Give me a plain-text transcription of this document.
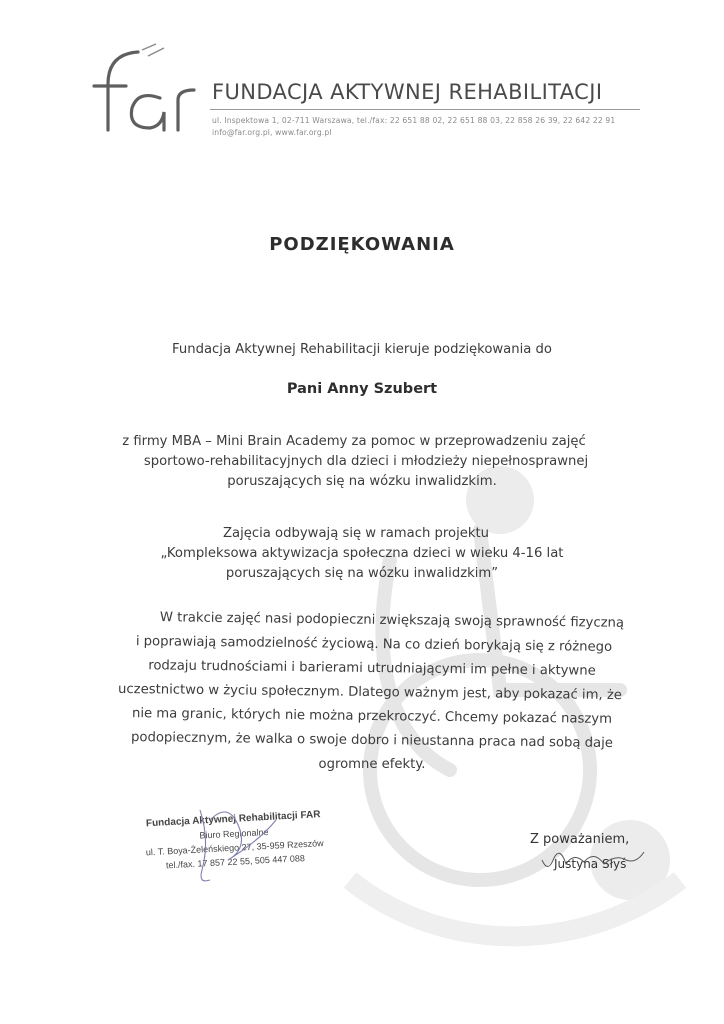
FUNDACJA AKTYWNEJ REHABILITACJI
ul. Inspektowa 1, 02-711 Warszawa, tel./fax: 22 651 88 02, 22 651 88 03, 22 858 26 39, 22 642 22 91
info@far.org.pl, www.far.org.pl
PODZIĘKOWANIA
Fundacja Aktywnej Rehabilitacji kieruje podziękowania do
Pani Anny Szubert
z firmy MBA – Mini Brain Academy za pomoc w przeprowadzeniu zajęć
sportowo-rehabilitacyjnych dla dzieci i młodzieży niepełnosprawnej
poruszających się na wózku inwalidzkim.
Zajęcia odbywają się w ramach projektu
„Kompleksowa aktywizacja społeczna dzieci w wieku 4-16 lat
poruszających się na wózku inwalidzkim”
W trakcie zajęć nasi podopieczni zwiększają swoją sprawność fizyczną
i poprawiają samodzielność życiową. Na co dzień borykają się z różnego
rodzaju trudnościami i barierami utrudniającymi im pełne i aktywne
uczestnictwo w życiu społecznym. Dlatego ważnym jest, aby pokazać im, że
nie ma granic, których nie można przekroczyć. Chcemy pokazać naszym
podopiecznym, że walka o swoje dobro i nieustanna praca nad sobą daje
ogromne efekty.
Fundacja Aktywnej Rehabilitacji FAR
Biuro Regionalne
ul. T. Boya-Żeleńskiego 27, 35-959 Rzeszów
tel./fax. 17 857 22 55, 505 447 088
Z poważaniem,
Justyna Słyś
